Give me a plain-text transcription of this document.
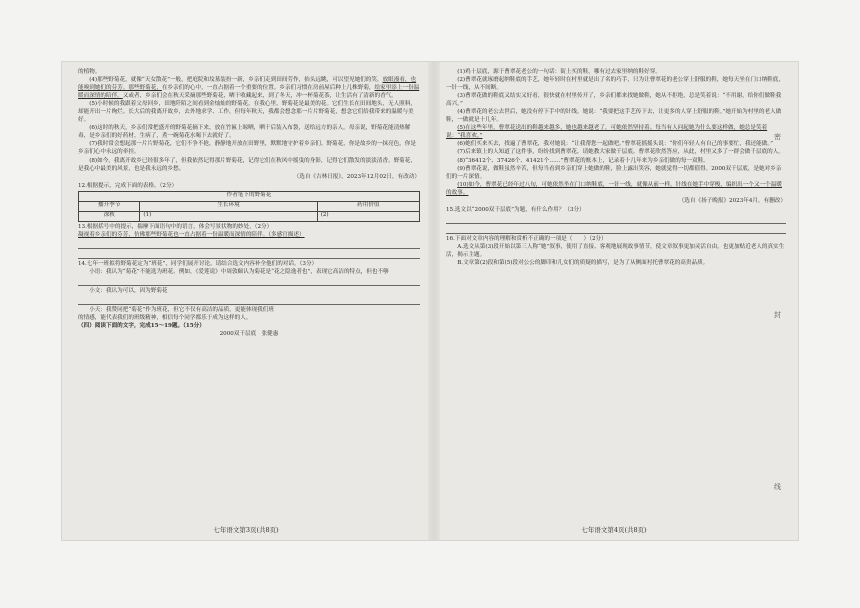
的植物。

(4)那些野菊花，就像“天女散花”一般，把庭院和坟墓装扮一新，乡亲们走到田间劳作，抬头远眺，可以望见她们的笑，放眼漫看，也能嗅到她们的芬芳。那些野菊花，在乡亲们的心中，一直占据着一个重要的位置。乡亲们习惯在房前屋后种上几株野菊，给家里添上一份温暖而深情的陪伴。又或者，乡亲们会在秋天采摘那些野菊花，晒干收藏起来，到了冬天，冲一杯菊花茶，让生活有了清新的香气。

(5)小时候的我跟着父母回乡，田地阡陌之间看到金灿灿的野菊花。在我心里，野菊花是最美的花。它们生长在田间地头，无人照料，却能开出一片绚烂。长大后的我离开故乡，去外地求学、工作，但每年秋天，我都会想念那一片片野菊花，想念它们给我带来的温暖与美好。

(6)这时的秋天，乡亲们常把盛开的野菊花摘下来，放在竹匾上晾晒，晒干后装入布袋，送给远方的亲人。母亲说，野菊花能清热解毒，是乡亲们的好药材，生病了，煮一碗菊花水喝下去就好了。

(7)我时常会想起那一片片野菊花，它们不争不抢，静静地开放在田野里，默默地守护着乡亲们。野菊花，你是故乡的一抹亮色，你是乡亲们心中永远的牵挂。

(8)如今，我离开故乡已经很多年了，但我依然记得那片野菊花，记得它们在秋风中摇曳的身影，记得它们散发的淡淡清香。野菊花，是我心中最美的风景，也是我永远的乡愁。

（选自《吉林日报》，2023年12月02日，有改动）

12.根据提示，完成下面的表格。（2分）

作者笔下的野菊花		
播开季节	生长环境	药用价值
深秋	(1)	(2)

13.根据括号中的提示，揣摩下面语句中的语言，体会写景状物的妙处。（2分）

凝视着乡亲们的芬芳，仿佛那些野菊花也一直占据着一份温暖而深情的陪伴。（多感官描述）

14.七年一班拟将野菊花定为“班花”，同学们展开讨论，请结合选文内容补全他们的对话。（3分）

小语：我认为“菊花”不能选为班花。例如，《爱莲说》中周敦颐认为菊花是“花之隐逸者也”，表现它高洁的特点，但也不够

小文：我认为可以，因为野菊花

小天：我赞同把“菊花”作为班花，但它不仅有高洁的品质，更能体现我们班

的情感，能代表我们的班级精神，相信每个同学都乐于成为这样的人。

（四）阅读下面的文字，完成15～19题。（15分）

2000双千层底 张健惠

(1)鸡十层底，源于曹翠花老公的一句话：街上买的鞋，哪有过去家里纳的鞋好穿。

(2)曹翠花就琢磨起纳鞋底的手艺，她年轻时在村里就是出了名的巧手，只为让曹翠花的老公穿上舒服的鞋，她每天坐在门口纳鞋底，一针一线，从不间断。

(3)曹翠花做的鞋底又结实又好看，很快就在村里传开了，乡亲们都来找她做鞋，她从不拒绝，总是笑着说：“不用谢，给你们做鞋我高兴。”

(4)曹翠花的老公去世后，她没有停下手中的针线。她说：“我要把这手艺传下去，让更多的人穿上舒服的鞋。”她开始为村里的老人做鞋，一做就是十几年。

(5)在这些年里，曹翠花送出的鞋越来越多，她也越来越老了，可她依然坚持着。每当有人问起她为什么要这样做，她总是笑着说：“我喜欢。”

(6)她们买来买去，找遍了曹翠花，我对她说：“让我帮您一起做吧。”曹翠花摇摇头说：“你们年轻人有自己的事要忙，我还能做。”

(7)后来镇上的人知道了这件事，纷纷找到曹翠花，请她教大家做千层底。曹翠花欣然答应，从此，村里又多了一群会做千层底的人。

(8)“36412个、37426个、41421个……”曹翠花的账本上，记录着十几年来为乡亲们做的每一双鞋。

(9)曹翠花说，做鞋虽然辛苦，但每当看到乡亲们穿上她做的鞋，脸上露出笑容，她就觉得一切都值得。2000双千层底，是她对乡亲们的一片深情。

(10)如今，曹翠花已经年过八旬，可她依然坐在门口纳鞋底，一针一线，就像从前一样。针线在她手中穿梭，编织出一个又一个温暖的故事。

（选自《扬子晚报》2023年4月，有删改）

15.选文以“2000双千层底”为题，有什么作用？（3分）

16.下面对文章内容的理解和赏析不正确的一项是（　　）（2分）

A.选文从第(3)段开始以第三人称“她”叙事，使用了直接、客观地展现故事情节，使文章叙事更加灵活自由，也更加贴近老人的真实生活，揭示主题。

B.文章第(2)段和第(5)段对公公的脚印和儿女们的质疑的描写，是为了从侧面衬托曹翠花的高贵品质。

密
封
线
七年语文第3页(共8页)	七年语文第4页(共8页)
